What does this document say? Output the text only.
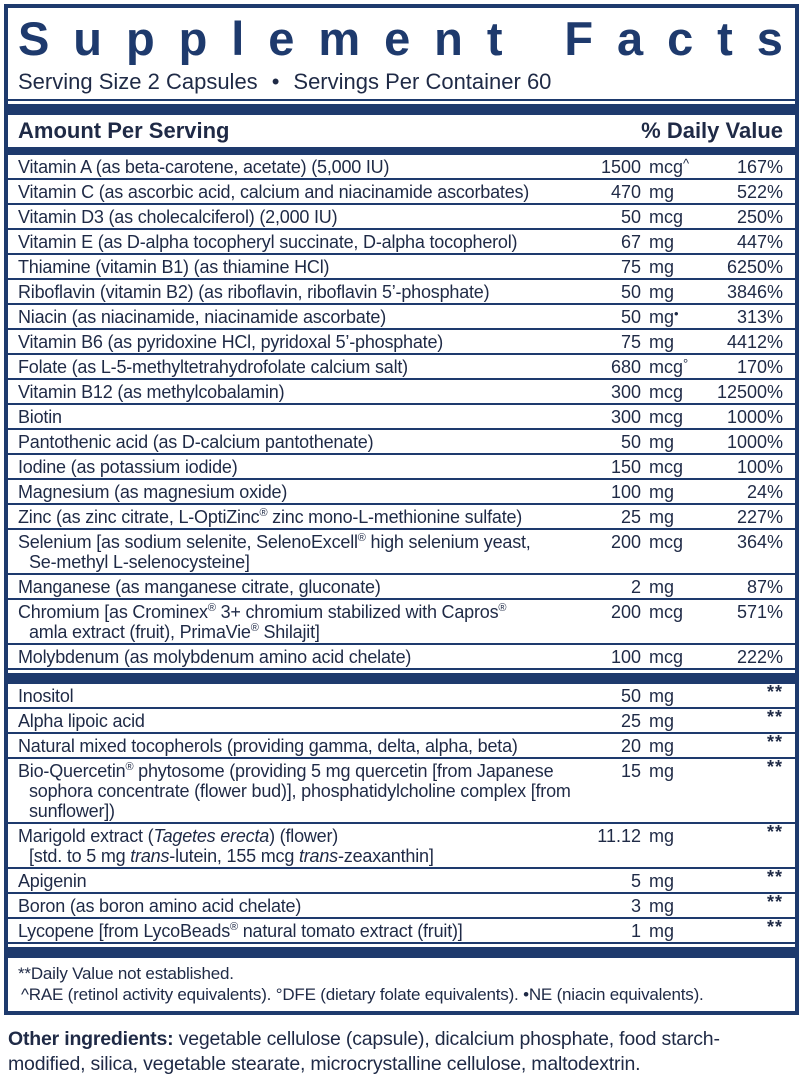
S u p p l e m e n t
F a c t s
Serving Size 2 Capsules • Servings Per Container 60
Amount Per Serving	% Daily Value
Vitamin A (as beta-carotene, acetate) (5,000 IU)	1500 mcg^	167%
Vitamin C (as ascorbic acid, calcium and niacinamide ascorbates)	470 mg	522%
Vitamin D3 (as cholecalciferol) (2,000 IU)	50 mcg	250%
Vitamin E (as D-alpha tocopheryl succinate, D-alpha tocopherol)	67 mg	447%
Thiamine (vitamin B1) (as thiamine HCl)	75 mg	6250%
Riboflavin (vitamin B2) (as riboflavin, riboflavin 5’-phosphate)	50 mg	3846%
Niacin (as niacinamide, niacinamide ascorbate)	50 mg•	313%
Vitamin B6 (as pyridoxine HCl, pyridoxal 5’-phosphate)	75 mg	4412%
Folate (as L-5-methyltetrahydrofolate calcium salt)	680 mcg°	170%
Vitamin B12 (as methylcobalamin)	300 mcg	12500%
Biotin	300 mcg	1000%
Pantothenic acid (as D-calcium pantothenate)	50 mg	1000%
Iodine (as potassium iodide)	150 mcg	100%
Magnesium (as magnesium oxide)	100 mg	24%
Zinc (as zinc citrate, L-OptiZinc® zinc mono-L-methionine sulfate)	25 mg	227%
Selenium [as sodium selenite, SelenoExcell® high selenium yeast,
Se-methyl L-selenocysteine]
200 mcg	364%
Manganese (as manganese citrate, gluconate)	2 mg	87%
Chromium [as Crominex® 3+ chromium stabilized with Capros®
amla extract (fruit), PrimaVie® Shilajit]
200 mcg	571%
Molybdenum (as molybdenum amino acid chelate)	100 mcg	222%
Inositol	50 mg	**
Alpha lipoic acid	25 mg	**
Natural mixed tocopherols (providing gamma, delta, alpha, beta)	20 mg	**
Bio-Quercetin® phytosome (providing 5 mg quercetin [from Japanese
sophora concentrate (flower bud)], phosphatidylcholine complex [from sunflower])
15 mg	**
Marigold extract (Tagetes erecta) (flower)
[std. to 5 mg trans-lutein, 155 mcg trans-zeaxanthin]
11.12 mg	**
Apigenin	5 mg	**
Boron (as boron amino acid chelate)	3 mg	**
Lycopene [from LycoBeads® natural tomato extract (fruit)]	1 mg	**
**Daily Value not established.
^RAE (retinol activity equivalents). °DFE (dietary folate equivalents). •NE (niacin equivalents).

Other ingredients: vegetable cellulose (capsule), dicalcium phosphate, food starch-modified, silica, vegetable stearate, microcrystalline cellulose, maltodextrin.
